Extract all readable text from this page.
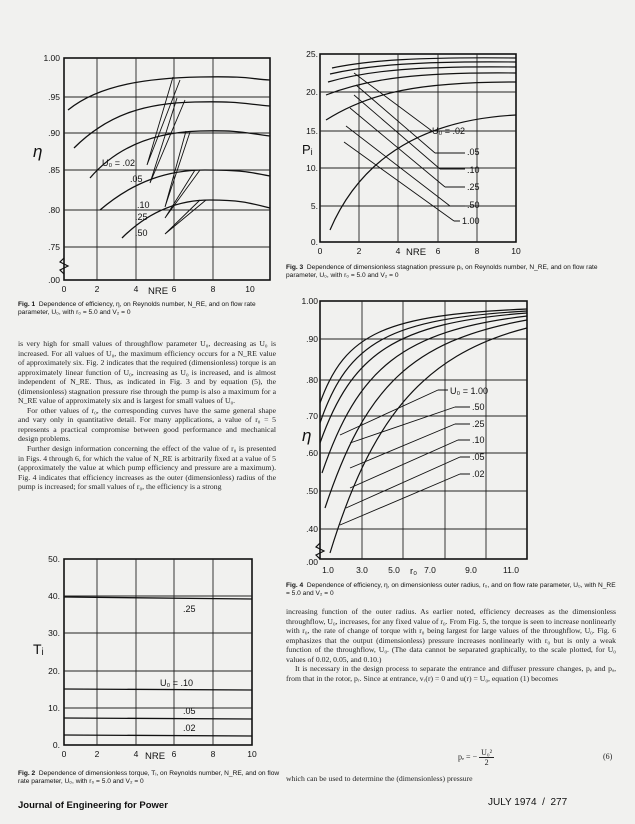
U₀ = .02
.05
.10
.25
.50
.00
.75
.80
.85
.90
.95
1.00
η
0	2	4	6	8	10
NRE
Fig. 1 Dependence of efficiency, η, on Reynolds number, N_RE, and on flow rate parameter, U₀, with r₀ = 5.0 and V₂ = 0

is very high for small values of throughflow parameter U₀, decreasing as U₀ is increased. For all values of U₀, the maximum efficiency occurs for a N_RE value of approximately six. Fig. 2 indicates that the required (dimensionless) torque is an approximately linear function of U₀, increasing as U₀ is increased, and is almost independent of N_RE. Thus, as indicated in Fig. 3 and by equation (5), the (dimensionless) stagnation pressure rise through the pump is also a maximum for a N_RE value of approximately six and is largest for small values of U₀.

For other values of r₀, the corresponding curves have the same general shape and vary only in quantitative detail. For many applications, a value of r₀ = 5 represents a practical compromise between good performance and mechanical design problems.

Further design information concerning the effect of the value of r₀ is presented in Figs. 4 through 6, for which the value of N_RE is arbitrarily fixed at a value of 5 (approximately the value at which pump efficiency and pressure are a maximum). Fig. 4 indicates that efficiency increases as the outer (dimensionless) radius of the pump is increased; for small values of r₀, the efficiency is a strong

.25
U₀ = .10
.05
.02
0.
10.
20.
30.
40.
50.
Tᵢ
0	2	4	6	8	10
NRE
Fig. 2 Dependence of dimensionless torque, Tᵢ, on Reynolds number, N_RE, and on flow rate parameter, U₀, with r₀ = 5.0 and V₂ = 0
U₀ = .02
.05
.10
.25
.50
1.00
0.
5.
10.
15.
20.
25.
Pᵢ
0	2	4	6	8	10
NRE
Fig. 3 Dependence of dimensionless stagnation pressure pᵢ, on Reynolds number, N_RE, and on flow rate parameter, U₀, with r₀ = 5.0 and V₂ = 0
U₀ = 1.00
.50
.25
.10
.05
.02
.00
.40
.50
.60
.70
.80
.90
1.00
η
1.0	3.0 5.0	7.0	9.0	11.0
r₀
Fig. 4 Dependence of efficiency, η, on dimensionless outer radius, r₀, and on flow rate parameter, U₀, with N_RE = 5.0 and V₂ = 0

increasing function of the outer radius. As earlier noted, efficiency decreases as the dimensionless throughflow, U₀, increases, for any fixed value of r₀. From Fig. 5, the torque is seen to increase nonlinearly with r₀, the rate of change of torque with r₀ being largest for large values of the throughflow, U₀. Fig. 6 emphasizes that the output (dimensionless) pressure increases nonlinearly with r₀ but is only a weak function of the throughflow, U₀. (The data cannot be separated graphically, to the scale plotted, for U₀ values of 0.02, 0.05, and 0.10.)

It is necessary in the design process to separate the entrance and diffuser pressure changes, pₑ and pₐ, from that in the rotor, pᵣ. Since at entrance, vᵣ(r) = 0 and u(r) = U₀, equation (1) becomes

pₑ = − $\frac{\text{U₀²}}{2}$	(6)
which can be used to determine the (dimensionless) pressure
Journal of Engineering for Power	JULY 1974  /  277
